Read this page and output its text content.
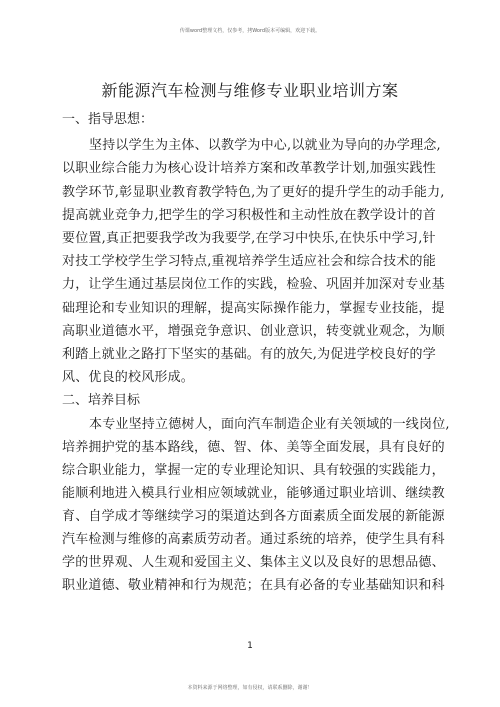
传课word整理文档，仅参考，拷Word版本可编辑，欢迎下载。
新能源汽车检测与维修专业职业培训方案
一、指导思想：
坚持以学生为主体、以教学为中心,以就业为导向的办学理念,
以职业综合能力为核心设计培养方案和改革教学计划,加强实践性
教学环节,彰显职业教育教学特色,为了更好的提升学生的动手能力,
提高就业竞争力,把学生的学习积极性和主动性放在教学设计的首
要位置,真正把要我学改为我要学,在学习中快乐,在快乐中学习,针
对技工学校学生学习特点,重视培养学生适应社会和综合技术的能
力，让学生通过基层岗位工作的实践，检验、巩固并加深对专业基
础理论和专业知识的理解，提高实际操作能力，掌握专业技能，提
高职业道德水平，增强竞争意识、创业意识，转变就业观念，为顺
利踏上就业之路打下坚实的基础。有的放矢,为促进学校良好的学
风、优良的校风形成。
二、培养目标
本专业坚持立德树人，面向汽车制造企业有关领域的一线岗位,
培养拥护党的基本路线，德、智、体、美等全面发展，具有良好的
综合职业能力，掌握一定的专业理论知识、具有较强的实践能力，
能顺利地进入模具行业相应领域就业，能够通过职业培训、继续教
育、自学成才等继续学习的渠道达到各方面素质全面发展的新能源
汽车检测与维修的高素质劳动者。通过系统的培养，使学生具有科
学的世界观、人生观和爱国主义、集体主义以及良好的思想品德、
职业道德、敬业精神和行为规范；在具有必备的专业基础知识和科
1
本资料来源于网络整理，如有侵权，请联系删除，谢谢！
